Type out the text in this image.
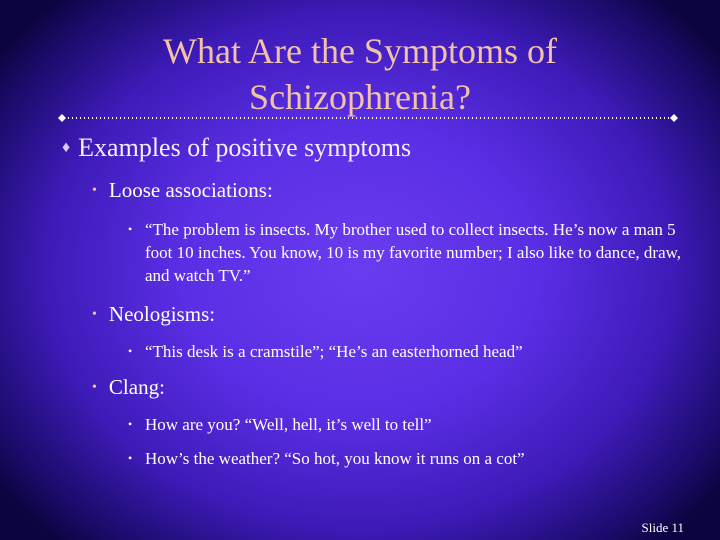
What Are the Symptoms of
Schizophrenia?
♦ Examples of positive symptoms
• Loose associations:
• “The problem is insects. My brother used to collect insects. He’s now a man 5 foot 10 inches. You know, 10 is my favorite number; I also like to dance, draw, and watch TV.”
• Neologisms:
• “This desk is a cramstile”; “He’s an easterhorned head”
• Clang:
• How are you? “Well, hell, it’s well to tell”
• How’s the weather? “So hot, you know it runs on a cot”
Slide 11
